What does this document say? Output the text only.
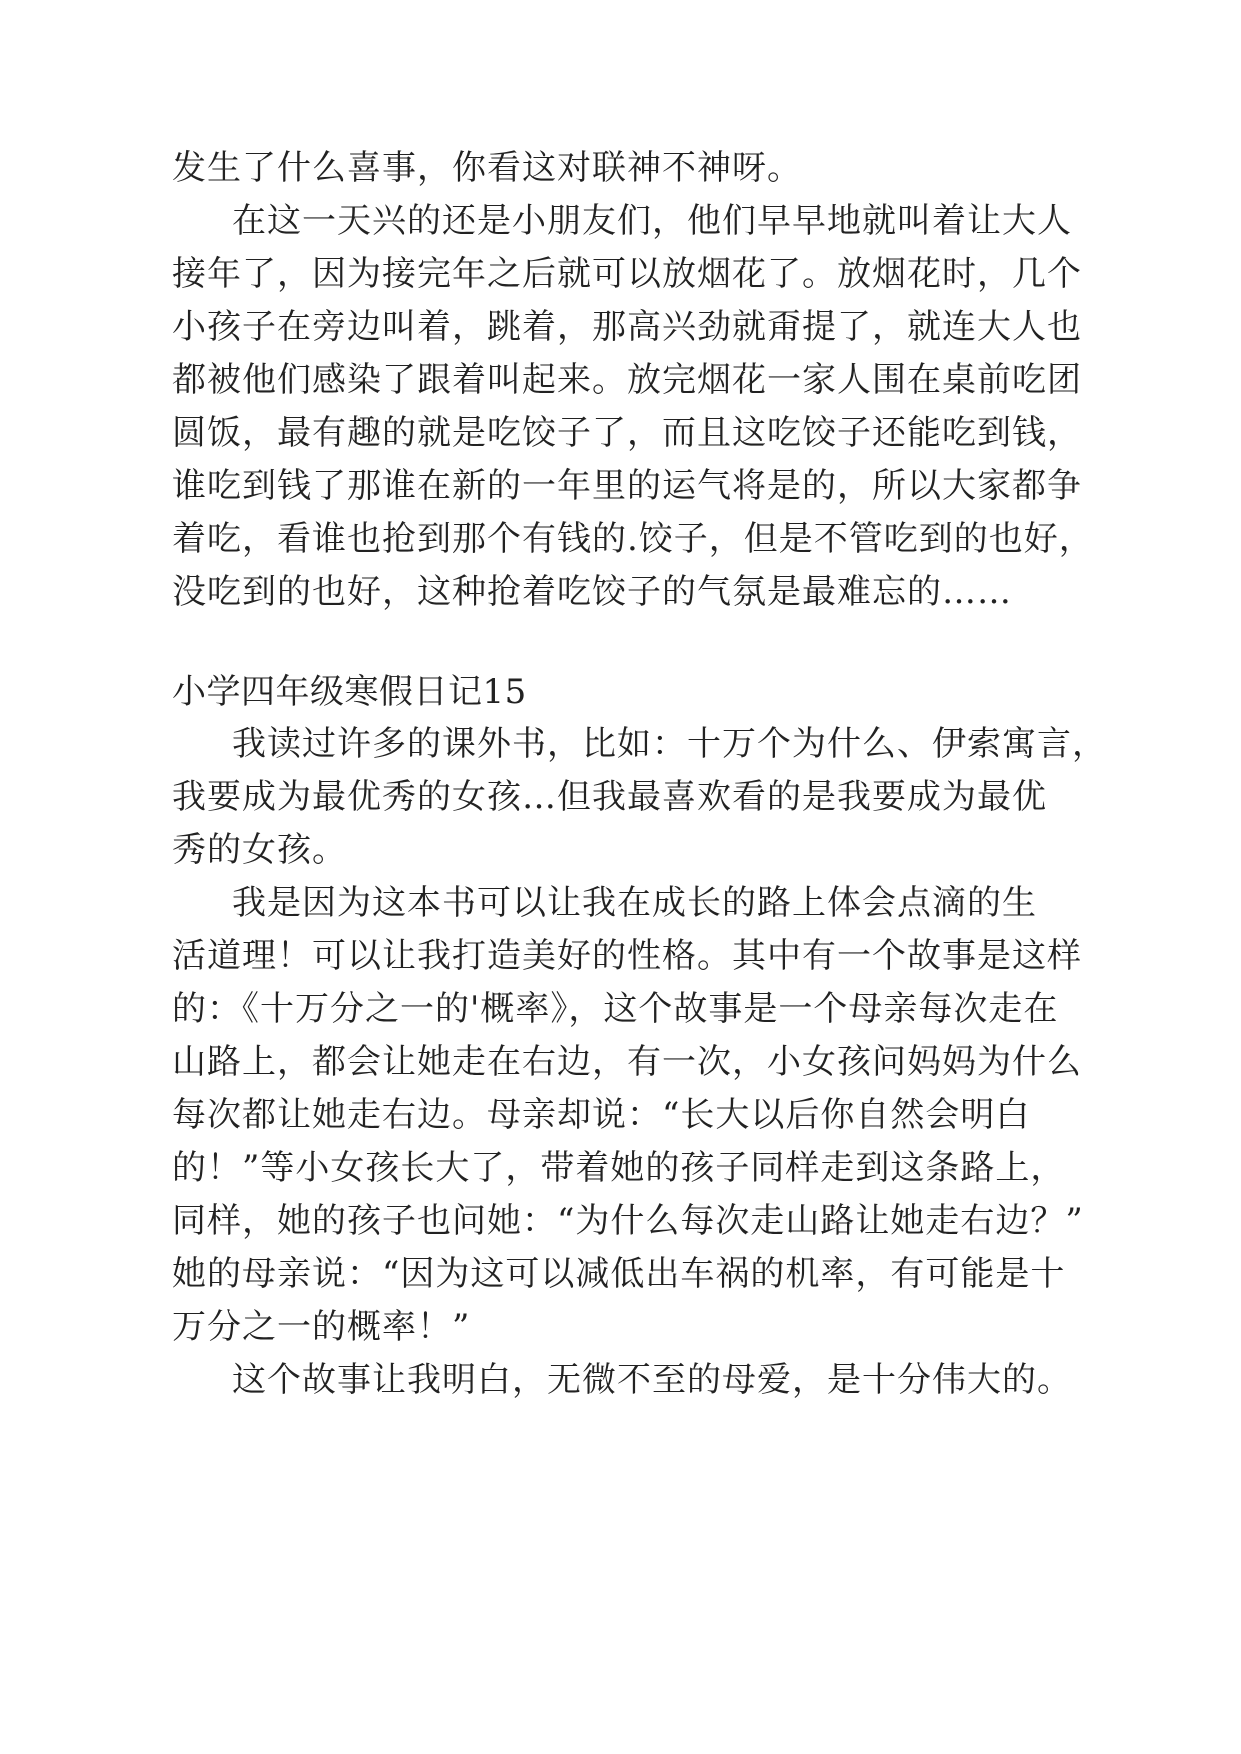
发生了什么喜事，你看这对联神不神呀。
在这一天兴的还是小朋友们，他们早早地就叫着让大人
接年了，因为接完年之后就可以放烟花了。放烟花时，几个
小孩子在旁边叫着，跳着，那高兴劲就甭提了，就连大人也
都被他们感染了跟着叫起来。放完烟花一家人围在桌前吃团
圆饭，最有趣的就是吃饺子了，而且这吃饺子还能吃到钱，
谁吃到钱了那谁在新的一年里的运气将是的，所以大家都争
着吃，看谁也抢到那个有钱的.饺子，但是不管吃到的也好，
没吃到的也好，这种抢着吃饺子的气氛是最难忘的……
小学四年级寒假日记15
我读过许多的课外书，比如：十万个为什么、伊索寓言，
我要成为最优秀的女孩…但我最喜欢看的是我要成为最优
秀的女孩。
我是因为这本书可以让我在成长的路上体会点滴的生
活道理！可以让我打造美好的性格。其中有一个故事是这样
的：《十万分之一的'概率》，这个故事是一个母亲每次走在
山路上，都会让她走在右边，有一次，小女孩问妈妈为什么
每次都让她走右边。母亲却说：“长大以后你自然会明白
的！”等小女孩长大了，带着她的孩子同样走到这条路上，
同样，她的孩子也问她：“为什么每次走山路让她走右边？”
她的母亲说：“因为这可以减低出车祸的机率，有可能是十
万分之一的概率！”
这个故事让我明白，无微不至的母爱，是十分伟大的。
